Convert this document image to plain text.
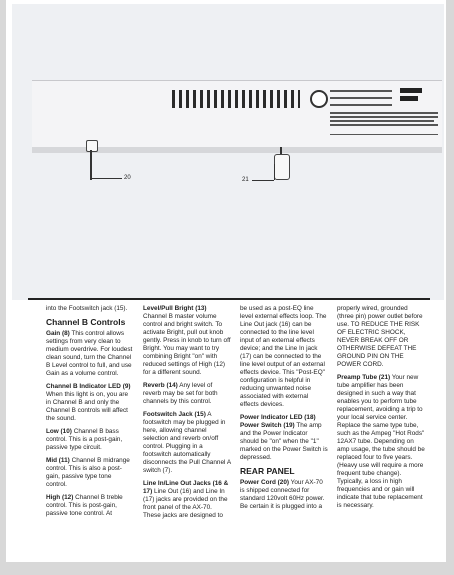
20	21

into the Footswitch jack (15).

Channel B Controls

Gain (8) This control allows settings from very clean to medium overdrive. For loudest clean sound, turn the Channel B Level control to full, and use Gain as a volume control.

Channel B Indicator LED (9) When this light is on, you are in Channel B and only the Channel B controls will affect the sound.

Low (10) Channel B bass control. This is a post-gain, passive type circuit.

Mid (11) Channel B midrange control. This is also a post-gain, passive type tone control.

High (12) Channel B treble control. This is post-gain, passive tone control. At

Level/Pull Bright (13) Channel B master volume control and bright switch. To activate Bright, pull out knob gently. Press in knob to turn off Bright. You may want to try combining Bright "on" with reduced settings of High (12) for a different sound.

Reverb (14) Any level of reverb may be set for both channels by this control.

Footswitch Jack (15) A footswitch may be plugged in here, allowing channel selection and reverb on/off control. Plugging in a footswitch automatically disconnects the Pull Channel A switch (7).

Line In/Line Out Jacks (16 & 17) Line Out (16) and Line In (17) jacks are provided on the front panel of the AX-70. These jacks are designed to

be used as a post-EQ line level external effects loop. The Line Out jack (16) can be connected to the line level input of an external effects device; and the Line In jack (17) can be connected to the line level output of an external effects device. This "Post-EQ" configuration is helpful in reducing unwanted noise associated with external effects devices.

Power Indicator LED (18) Power Switch (19) The amp and the Power Indicator should be "on" when the "1" marked on the Power Switch is depressed.

REAR PANEL

Power Cord (20) Your AX-70 is shipped connected for standard 120volt 60Hz power. Be certain it is plugged into a

properly wired, grounded (three pin) power outlet before use. TO REDUCE THE RISK OF ELECTRIC SHOCK, NEVER BREAK OFF OR OTHERWISE DEFEAT THE GROUND PIN ON THE POWER CORD.

Preamp Tube (21) Your new tube amplifier has been designed in such a way that enables you to perform tube replacement, avoiding a trip to your local service center. Replace the same type tube, such as the Ampeg "Hot Rods" 12AX7 tube. Depending on amp usage, the tube should be replaced four to five years. (Heavy use will require a more frequent tube change). Typically, a loss in high frequencies and or gain will indicate that tube replacement is necessary.
